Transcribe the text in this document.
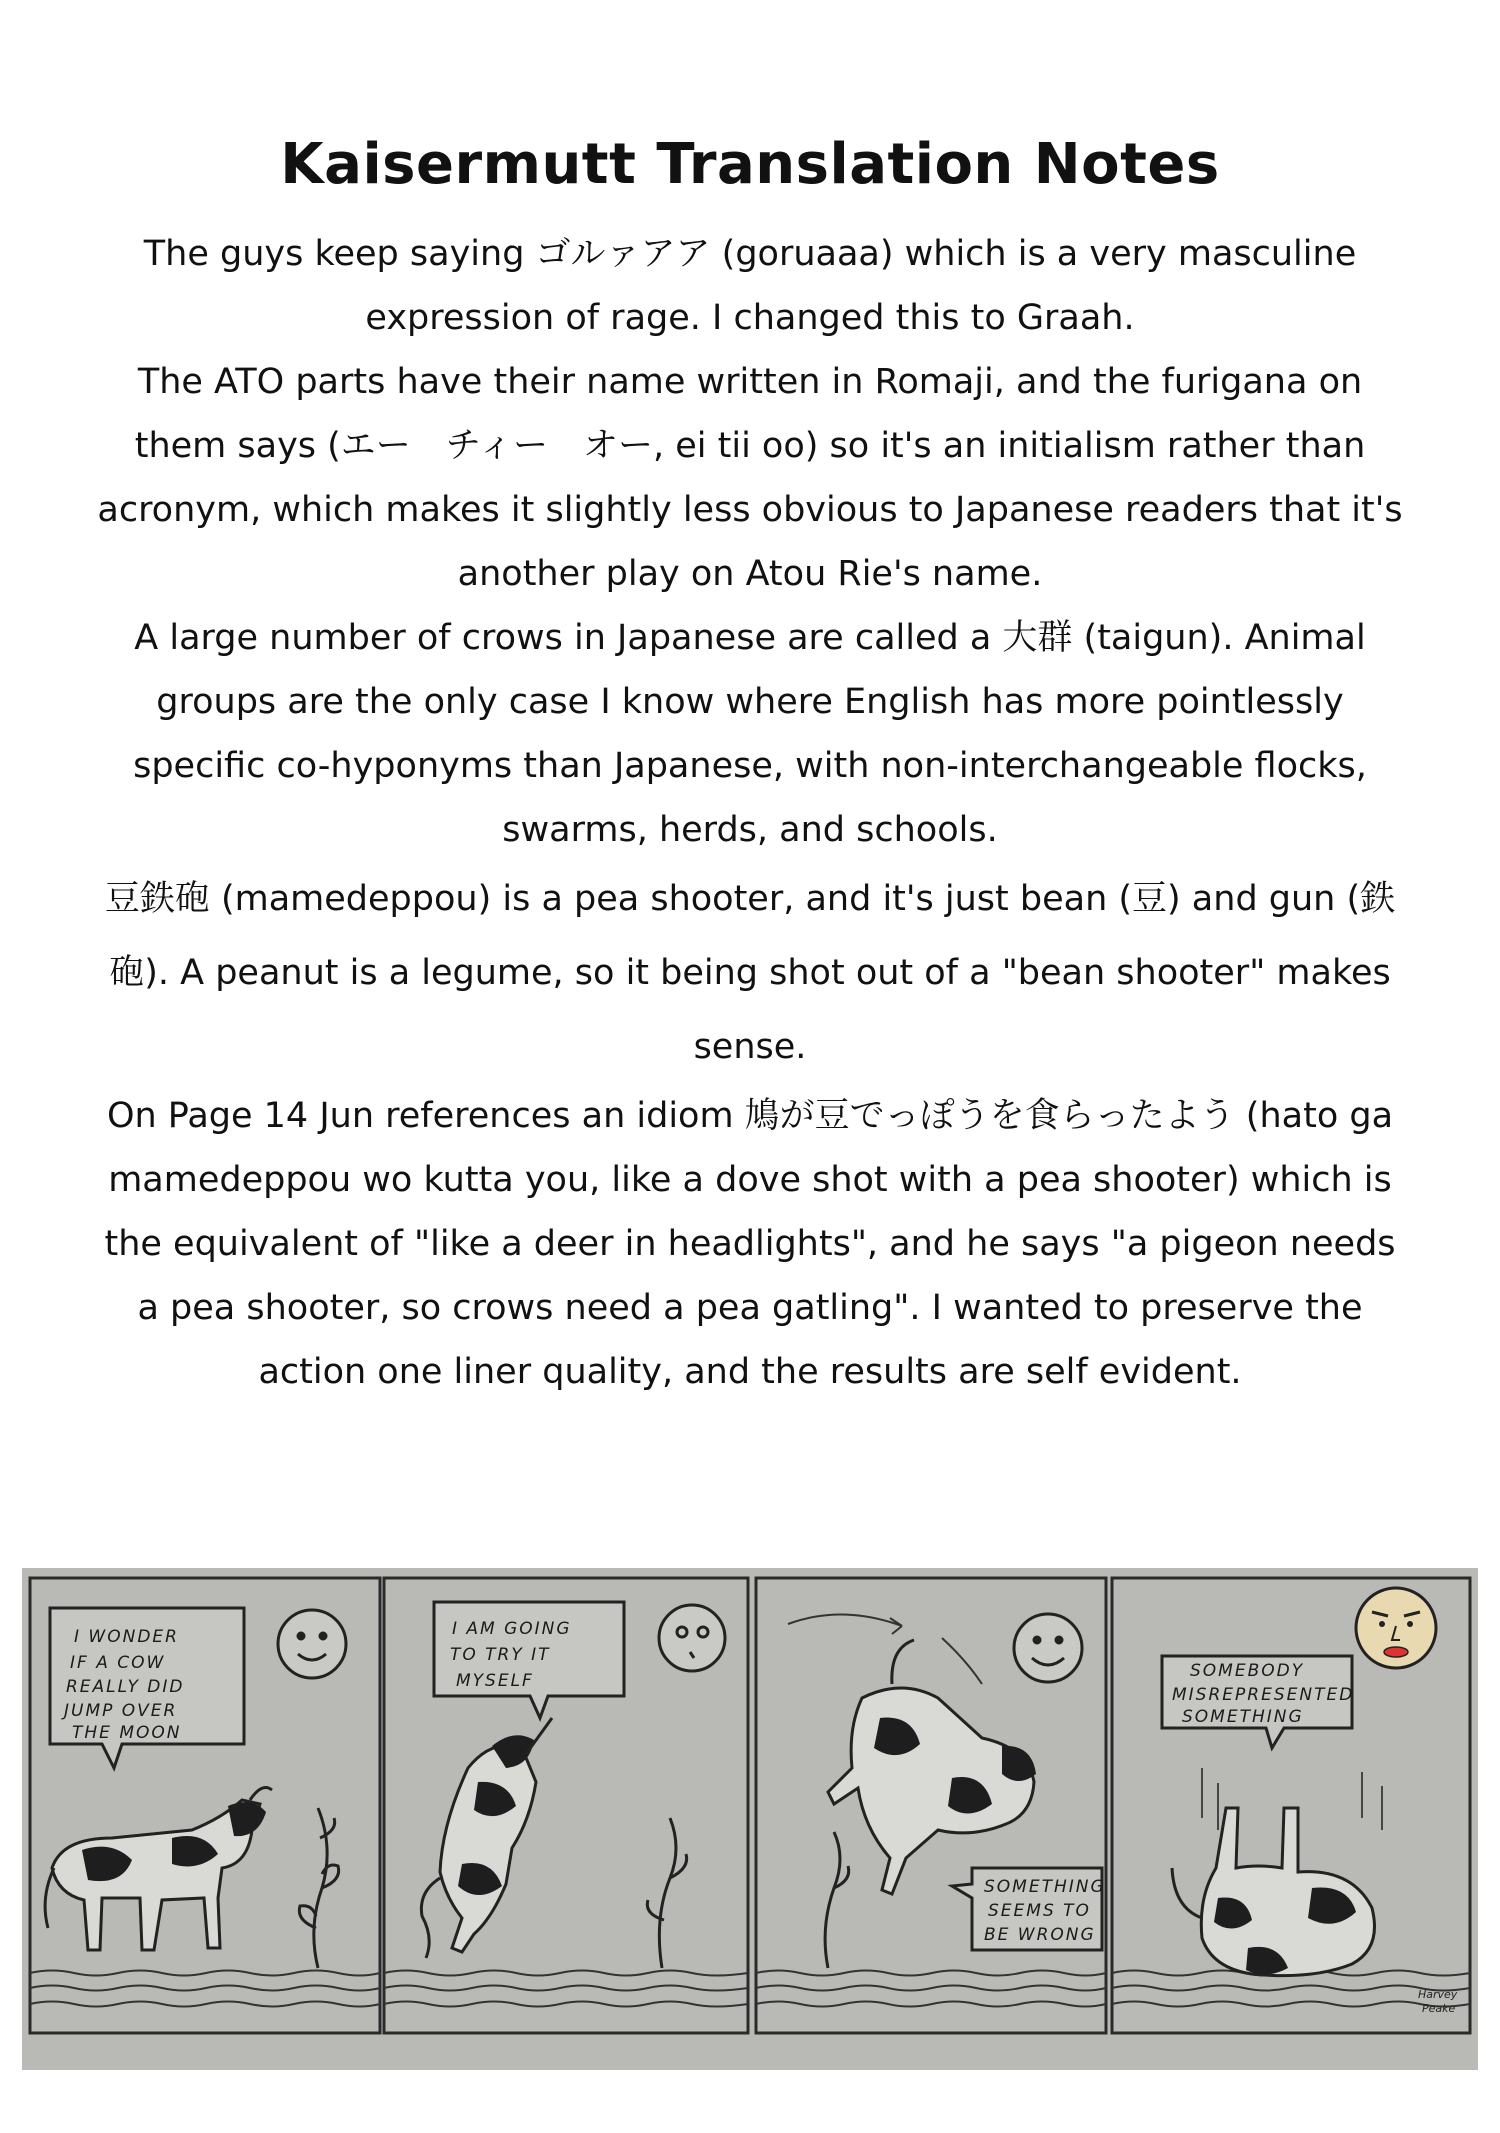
Kaisermutt Translation Notes

The guys keep saying ゴルァアア (goruaaa) which is a very masculine expression of rage. I changed this to Graah.

The ATO parts have their name written in Romaji, and the furigana on them says (エー　チィー　オー, ei tii oo) so it's an initialism rather than acronym, which makes it slightly less obvious to Japanese readers that it's another play on Atou Rie's name.

A large number of crows in Japanese are called a 大群 (taigun). Animal groups are the only case I know where English has more pointlessly specific co-hyponyms than Japanese, with non-interchangeable flocks, swarms, herds, and schools.

豆鉄砲 (mamedeppou) is a pea shooter, and it's just bean (豆) and gun (鉄砲). A peanut is a legume, so it being shot out of a "bean shooter" makes sense.

On Page 14 Jun references an idiom 鳩が豆でっぽうを食らったよう (hato ga mamedeppou wo kutta you, like a dove shot with a pea shooter) which is the equivalent of "like a deer in headlights", and he says "a pigeon needs a pea shooter, so crows need a pea gatling". I wanted to preserve the action one liner quality, and the results are self evident.

I WONDER
IF A COW
REALLY DID
JUMP OVER
THE MOON
I AM GOING
TO TRY IT
MYSELF
SOMETHING
SEEMS TO
BE WRONG
SOMEBODY
MISREPRESENTED
SOMETHING
Harvey
Peake
